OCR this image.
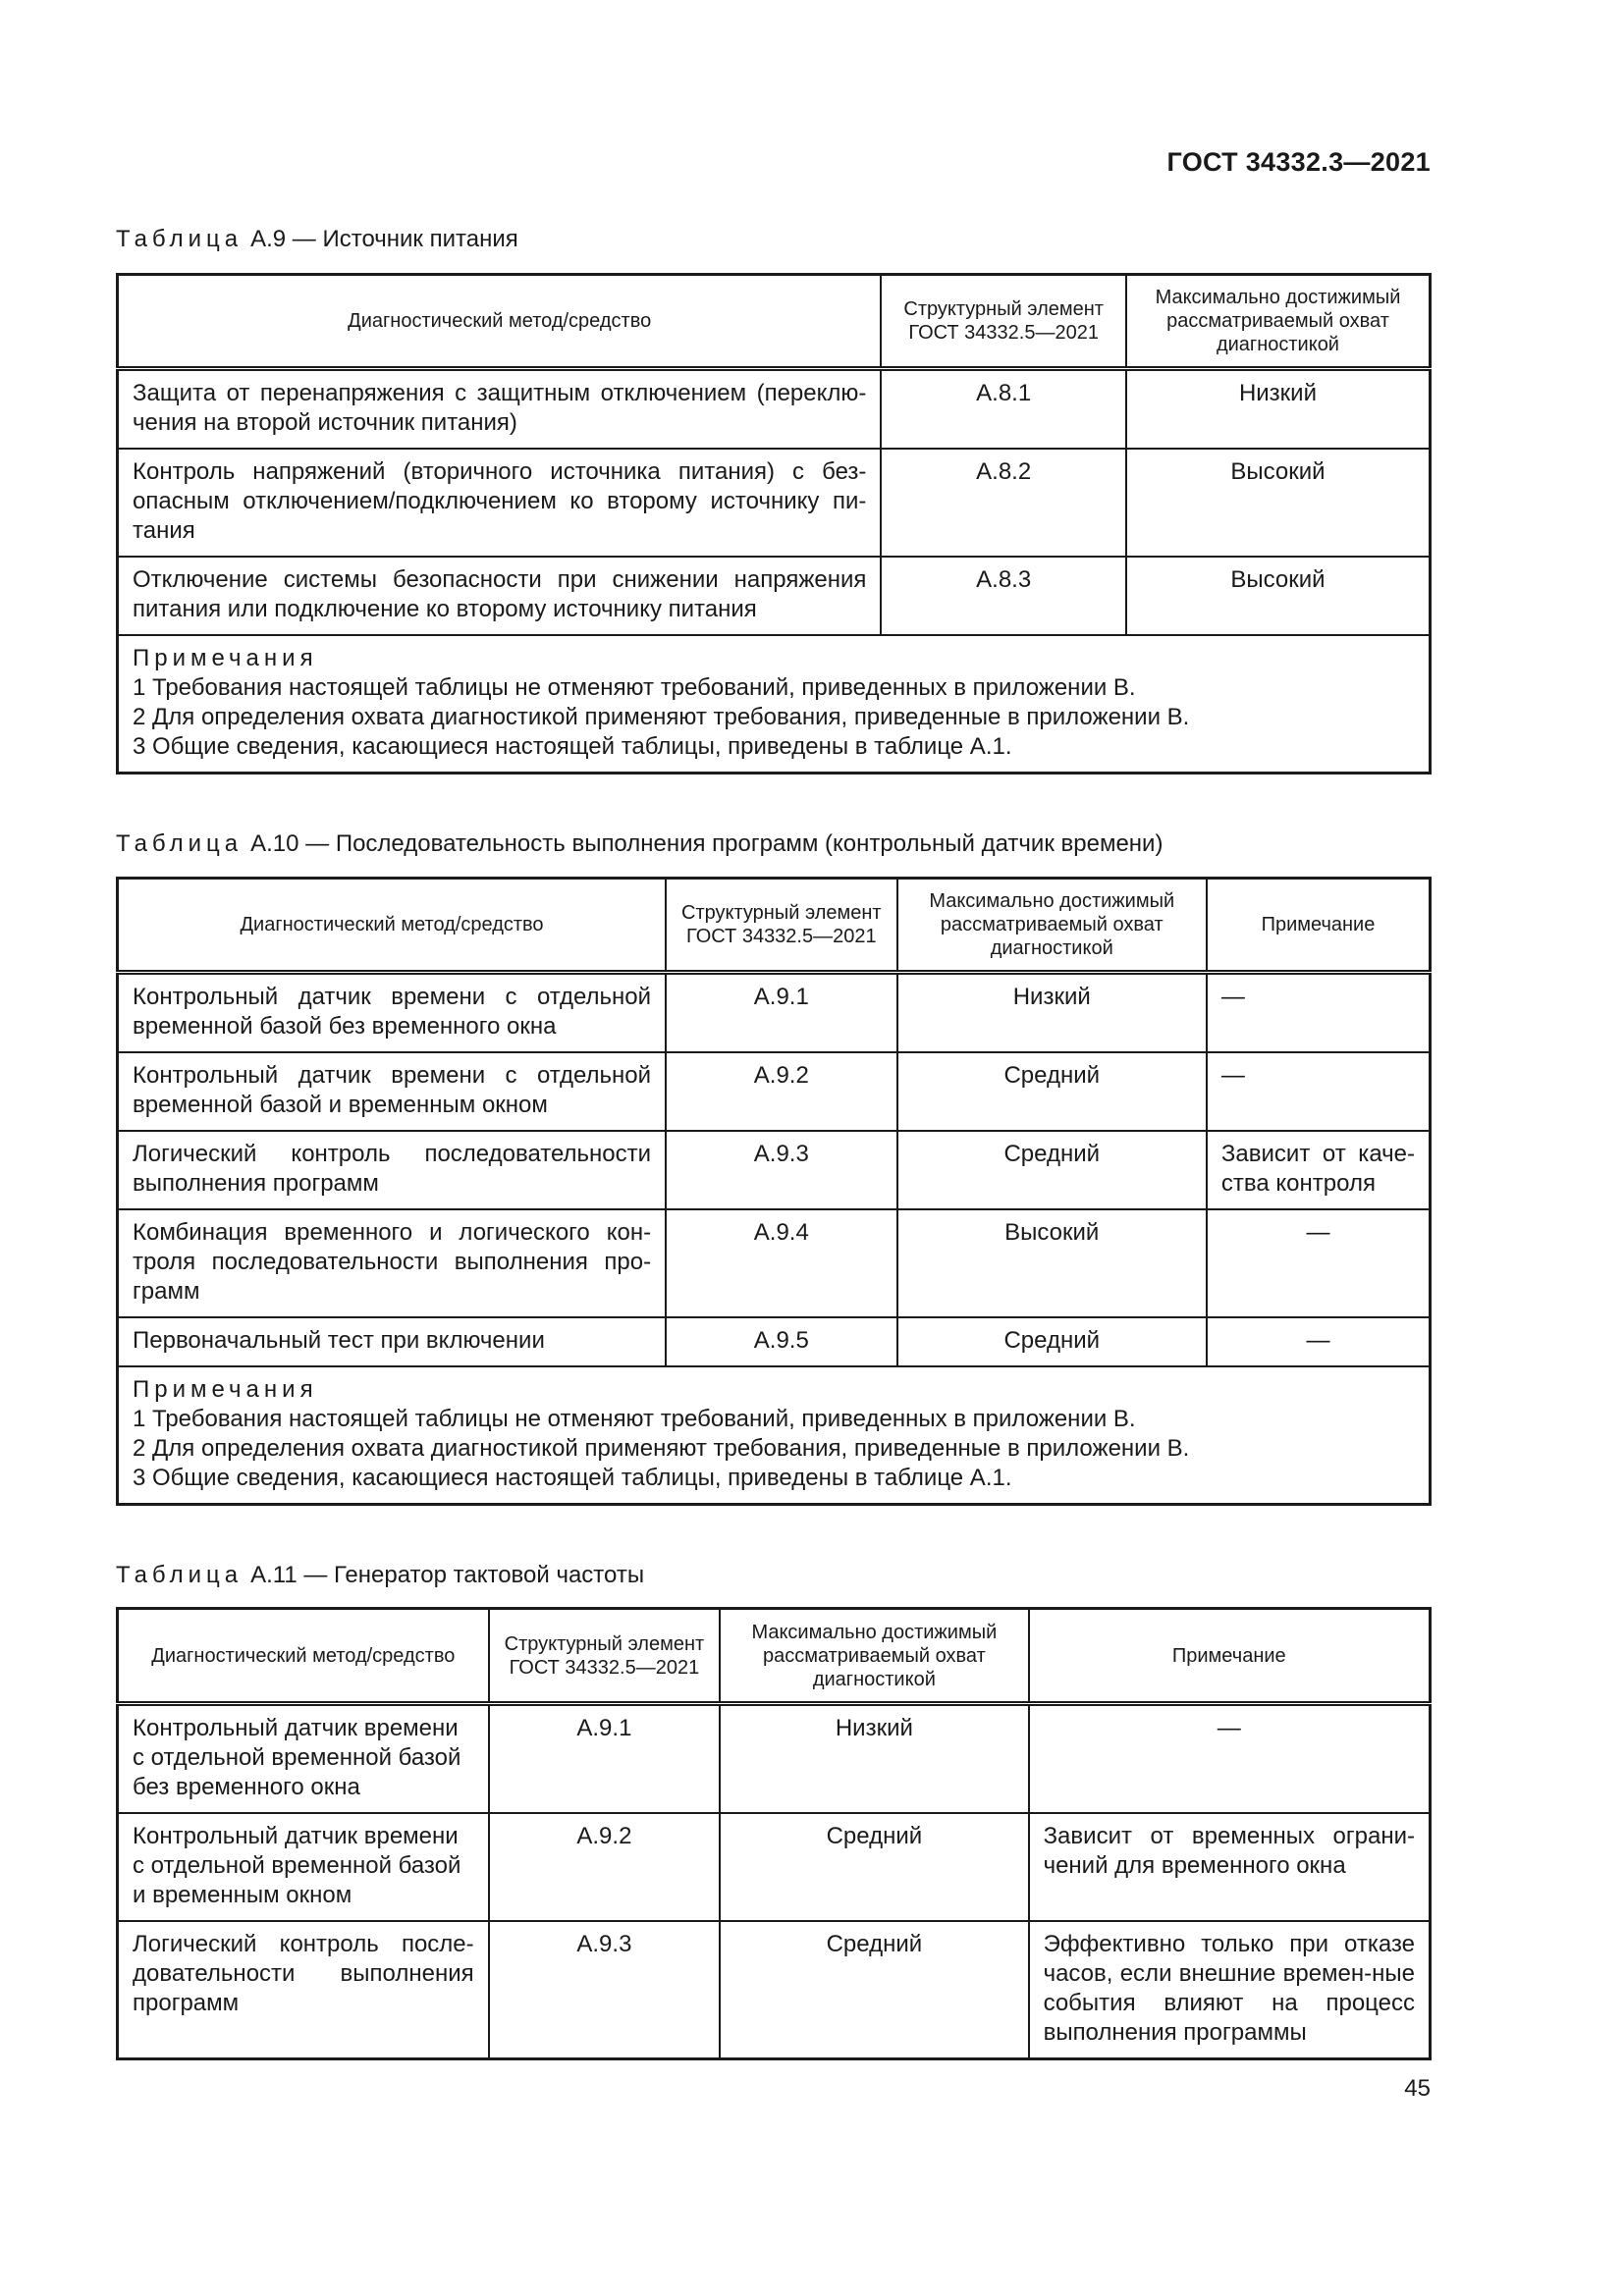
ГОСТ 34332.3—2021
Таблица А.9 — Источник питания
Диагностический метод/средство	Структурный элемент ГОСТ 34332.5—2021	Максимально достижимый рассматриваемый охват диагностикой
Защита от перенапряжения с защитным отключением (переклю-чения на второй источник питания)	А.8.1	Низкий
Контроль напряжений (вторичного источника питания) с без-опасным отключением/подключением ко второму источнику пи-тания	А.8.2	Высокий
Отключение системы безопасности при снижении напряжения питания или подключение ко второму источнику питания	А.8.3	Высокий

Примечания
1 Требования настоящей таблицы не отменяют требований, приведенных в приложении В.
2 Для определения охвата диагностикой применяют требования, приведенные в приложении В.
3 Общие сведения, касающиеся настоящей таблицы, приведены в таблице А.1.		
Таблица А.10 — Последовательность выполнения программ (контрольный датчик времени)
Диагностический метод/средство	Структурный элемент ГОСТ 34332.5—2021	Максимально достижимый рассматриваемый охват диагностикой	Примечание
Контрольный датчик времени с отдельной временной базой без временного окна	А.9.1	Низкий	—
Контрольный датчик времени с отдельной временной базой и временным окном	А.9.2	Средний	—
Логический контроль последовательности выполнения программ	А.9.3	Средний	Зависит от каче-ства контроля
Комбинация временного и логического кон-троля последовательности выполнения про-грамм	А.9.4	Высокий	—
Первоначальный тест при включении	А.9.5	Средний	—

Примечания
1 Требования настоящей таблицы не отменяют требований, приведенных в приложении В.
2 Для определения охвата диагностикой применяют требования, приведенные в приложении В.
3 Общие сведения, касающиеся настоящей таблицы, приведены в таблице А.1.			
Таблица А.11 — Генератор тактовой частоты
Диагностический метод/средство	Структурный элемент ГОСТ 34332.5—2021	Максимально достижимый рассматриваемый охват диагностикой	Примечание
Контрольный датчик времени с отдельной временной базой без временного окна	А.9.1	Низкий	—
Контрольный датчик времени с отдельной временной базой и временным окном	А.9.2	Средний	Зависит от временных ограни-чений для временного окна
Логический контроль после-довательности выполнения программ	А.9.3	Средний	Эффективно только при отказе часов, если внешние времен-ные события влияют на процесс выполнения программы
45
